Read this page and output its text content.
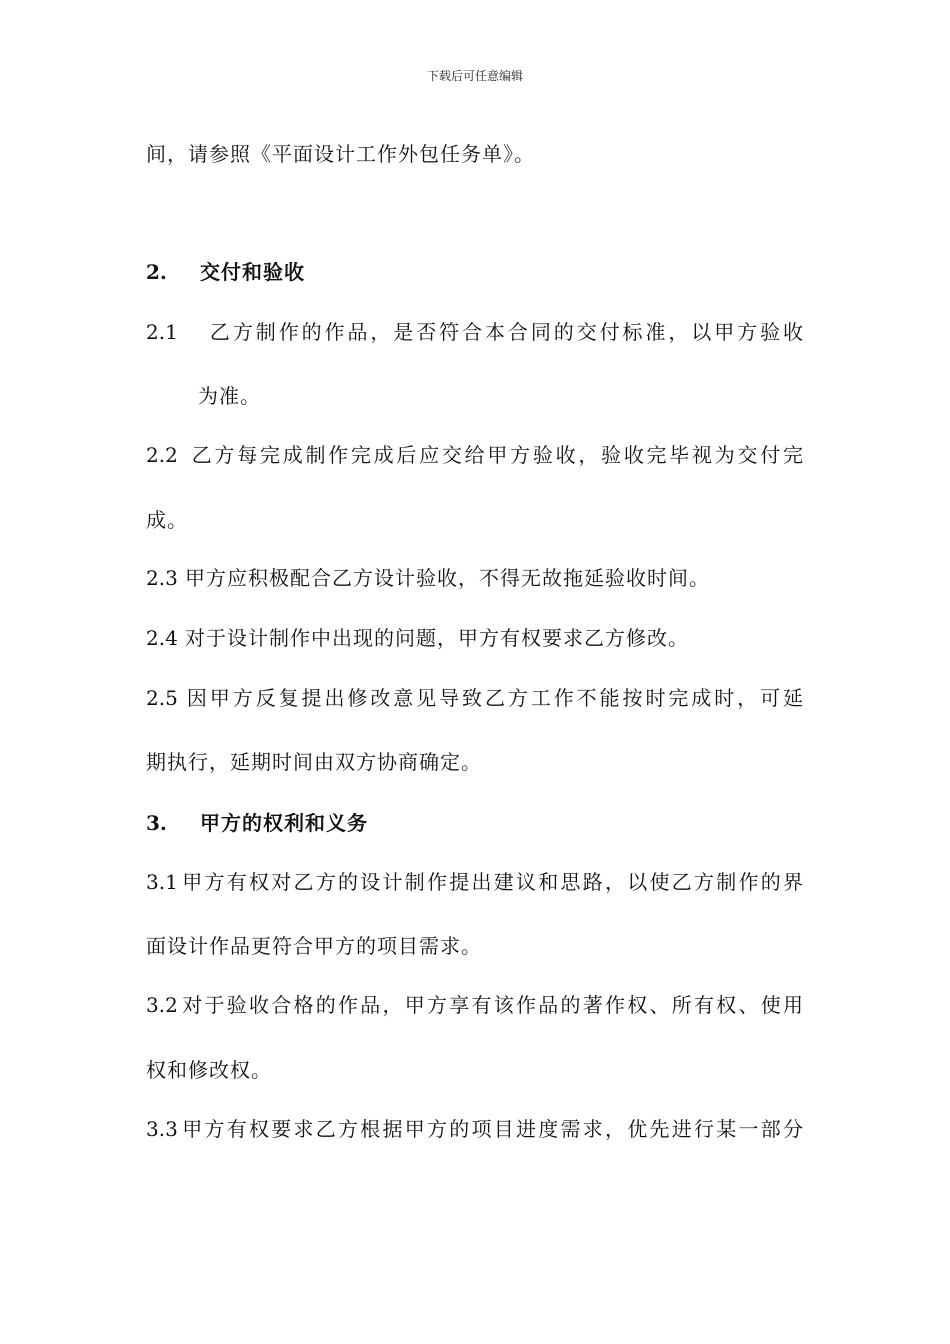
下载后可任意编辑
间，请参照《平面设计工作外包任务单》。
2. 交付和验收
2.1 乙方制作的作品，是否符合本合同的交付标准，以甲方验收
为准。
2.2 乙方每完成制作完成后应交给甲方验收，验收完毕视为交付完
成。
2.3 甲方应积极配合乙方设计验收，不得无故拖延验收时间。
2.4 对于设计制作中出现的问题，甲方有权要求乙方修改。
2.5 因甲方反复提出修改意见导致乙方工作不能按时完成时，可延
期执行，延期时间由双方协商确定。
3. 甲方的权利和义务
3.1 甲方有权对乙方的设计制作提出建议和思路，以使乙方制作的界
面设计作品更符合甲方的项目需求。
3.2 对于验收合格的作品，甲方享有该作品的著作权、所有权、使用
权和修改权。
3.3 甲方有权要求乙方根据甲方的项目进度需求，优先进行某一部分
